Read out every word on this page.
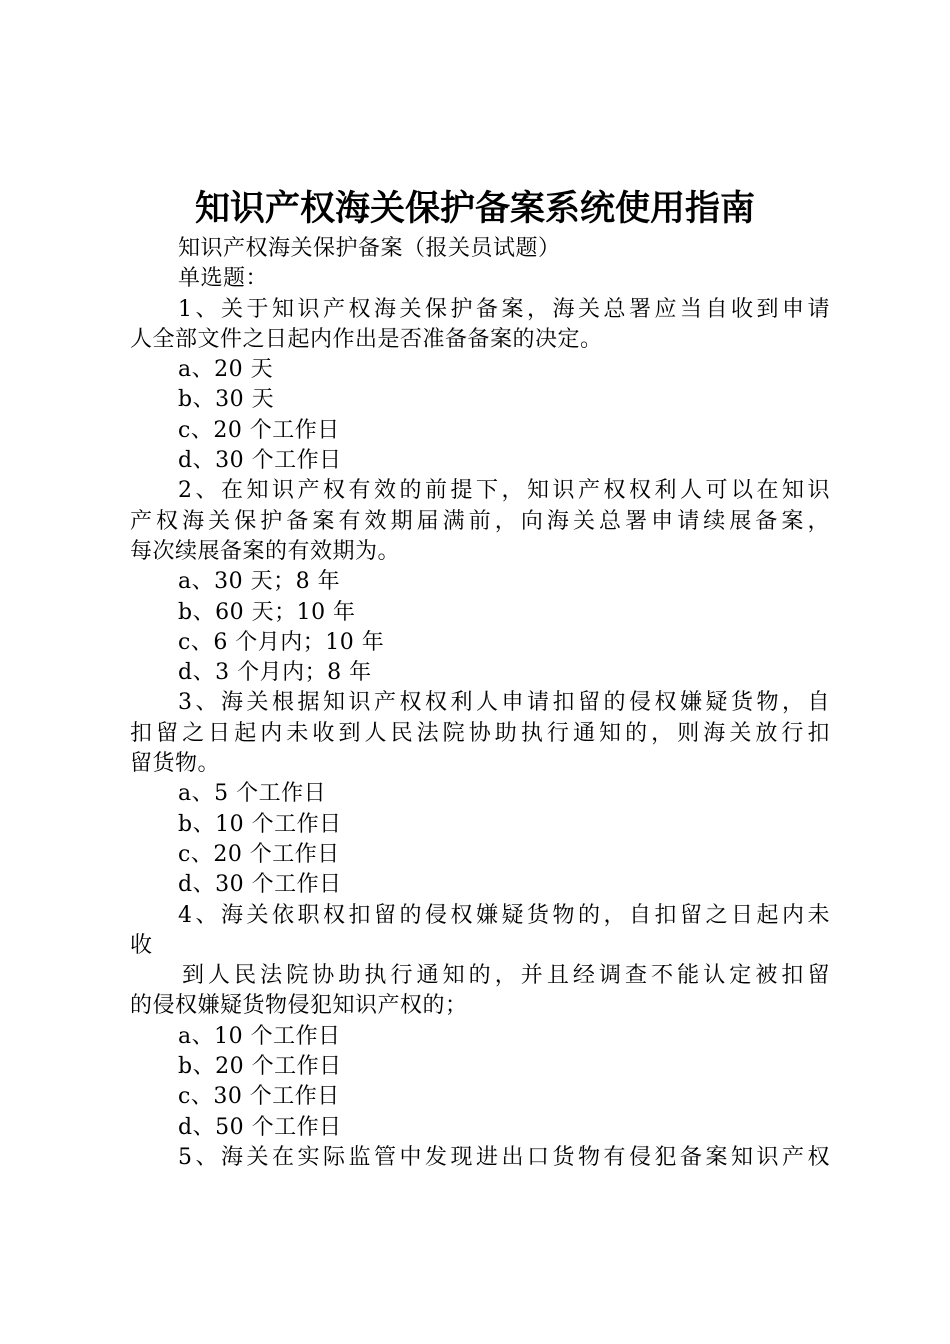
知识产权海关保护备案系统使用指南
知识产权海关保护备案（报关员试题）
单选题：
1、关于知识产权海关保护备案，海关总署应当自收到申请
人全部文件之日起内作出是否准备备案的决定。
a、20 天
b、30 天
c、20 个工作日
d、30 个工作日
2、在知识产权有效的前提下，知识产权权利人可以在知识
产权海关保护备案有效期届满前，向海关总署申请续展备案，
每次续展备案的有效期为。
a、30 天；8 年
b、60 天；10 年
c、6 个月内；10 年
d、3 个月内；8 年
3、海关根据知识产权权利人申请扣留的侵权嫌疑货物，自
扣留之日起内未收到人民法院协助执行通知的，则海关放行扣
留货物。
a、5 个工作日
b、10 个工作日
c、20 个工作日
d、30 个工作日
4、海关依职权扣留的侵权嫌疑货物的，自扣留之日起内未
收
到人民法院协助执行通知的，并且经调查不能认定被扣留
的侵权嫌疑货物侵犯知识产权的；
a、10 个工作日
b、20 个工作日
c、30 个工作日
d、50 个工作日
5、海关在实际监管中发现进出口货物有侵犯备案知识产权
